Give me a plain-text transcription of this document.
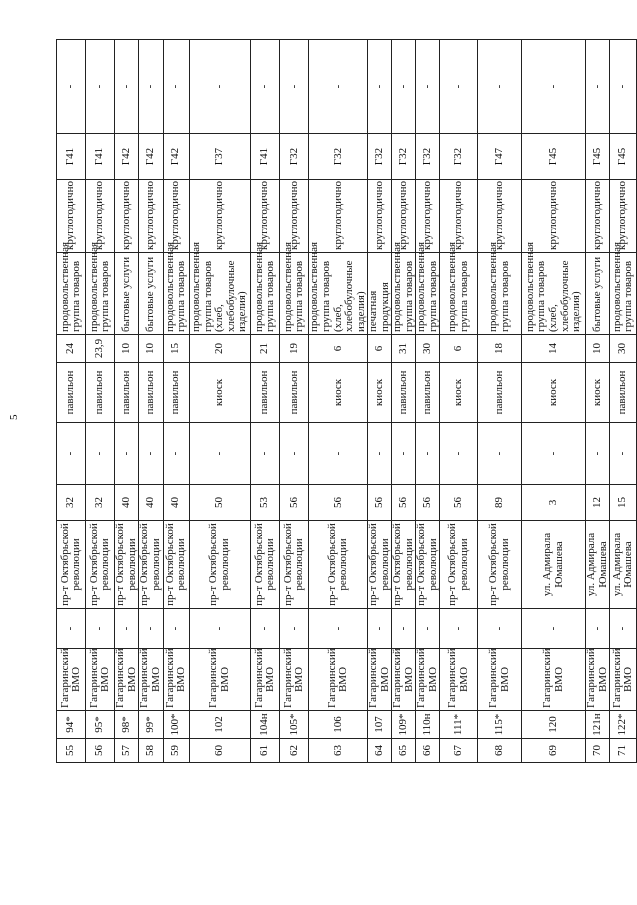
5
55	94*	Гагаринский ВМО	-	пр-т Октябрьской революции	32	-	павильон	24	продовольственная группа товаров	круглогодично	Г41	-
56	95*	Гагаринский ВМО	-	пр-т Октябрьской революции	32	-	павильон	23,9	продовольственная группа товаров	круглогодично	Г41	-
57	98*	Гагаринский ВМО	-	пр-т Октябрьской революции	40	-	павильон	10	бытовые услуги	круглогодично	Г42	-
58	99*	Гагаринский ВМО	-	пр-т Октябрьской революции	40	-	павильон	10	бытовые услуги	круглогодично	Г42	-
59	100*	Гагаринский ВМО	-	пр-т Октябрьской революции	40	-	павильон	15	продовольственная группа товаров	круглогодично	Г42	-
60	102	Гагаринский ВМО	-	пр-т Октябрьской революции	50	-	киоск	20	продовольственная группа товаров (хлеб, хлебобулочные изделия)	круглогодично	Г37	-
61	104н	Гагаринский ВМО	-	пр-т Октябрьской революции	53	-	павильон	21	продовольственная группа товаров	круглогодично	Г41	-
62	105*	Гагаринский ВМО	-	пр-т Октябрьской революции	56	-	павильон	19	продовольственная группа товаров	круглогодично	Г32	-
63	106	Гагаринский ВМО	-	пр-т Октябрьской революции	56	-	киоск	6	продовольственная группа товаров (хлеб, хлебобулочные изделия)	круглогодично	Г32	-
64	107	Гагаринский ВМО	-	пр-т Октябрьской революции	56	-	киоск	6	печатная продукция	круглогодично	Г32	-
65	109*	Гагаринский ВМО	-	пр-т Октябрьской революции	56	-	павильон	31	продовольственная группа товаров	круглогодично	Г32	-
66	110н	Гагаринский ВМО	-	пр-т Октябрьской революции	56	-	павильон	30	продовольственная группа товаров	круглогодично	Г32	-
67	111*	Гагаринский ВМО	-	пр-т Октябрьской революции	56	-	киоск	6	продовольственная группа товаров	круглогодично	Г32	-
68	115*	Гагаринский ВМО	-	пр-т Октябрьской революции	89	-	павильон	18	продовольственная группа товаров	круглогодично	Г47	-
69	120	Гагаринский ВМО	-	ул. Адмирала Юмашева	3	-	киоск	14	продовольственная группа товаров (хлеб, хлебобулочные изделия)	круглогодично	Г45	-
70	121н	Гагаринский ВМО	-	ул. Адмирала Юмашева	12	-	киоск	10	бытовые услуги	круглогодично	Г45	-
71	122*	Гагаринский ВМО	-	ул. Адмирала Юмашева	15	-	павильон	30	продовольственная группа товаров	круглогодично	Г45	-
